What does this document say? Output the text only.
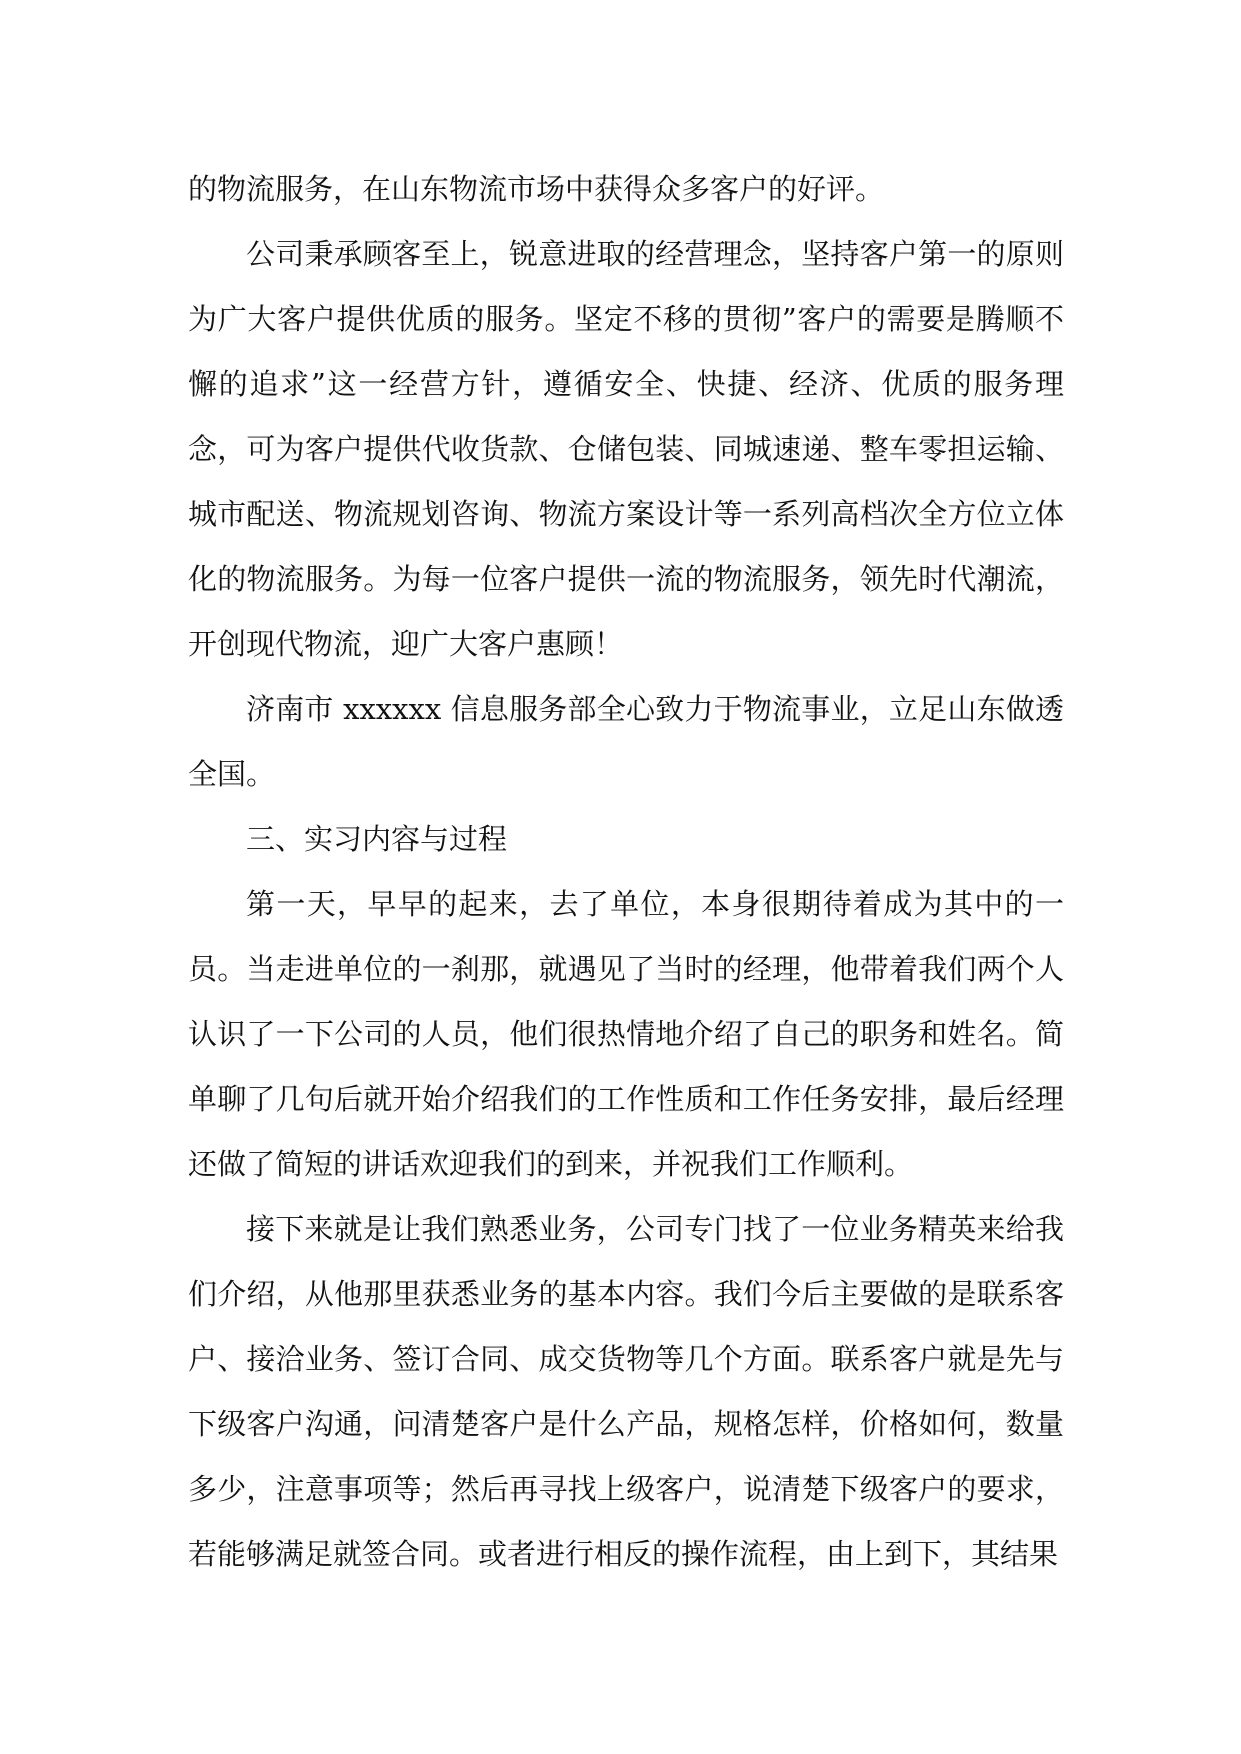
的物流服务，在山东物流市场中获得众多客户的好评。

公司秉承顾客至上，锐意进取的经营理念，坚持客户第一的原则为广大客户提供优质的服务。坚定不移的贯彻”客户的需要是腾顺不懈的追求”这一经营方针，遵循安全、快捷、经济、优质的服务理念，可为客户提供代收货款、仓储包装、同城速递、整车零担运输、城市配送、物流规划咨询、物流方案设计等一系列高档次全方位立体化的物流服务。为每一位客户提供一流的物流服务，领先时代潮流，开创现代物流，迎广大客户惠顾！

济南市 xxxxxx 信息服务部全心致力于物流事业，立足山东做透全国。

三、实习内容与过程

第一天，早早的起来，去了单位，本身很期待着成为其中的一员。当走进单位的一刹那，就遇见了当时的经理，他带着我们两个人认识了一下公司的人员，他们很热情地介绍了自己的职务和姓名。简单聊了几句后就开始介绍我们的工作性质和工作任务安排，最后经理还做了简短的讲话欢迎我们的到来，并祝我们工作顺利。

接下来就是让我们熟悉业务，公司专门找了一位业务精英来给我们介绍，从他那里获悉业务的基本内容。我们今后主要做的是联系客户、接洽业务、签订合同、成交货物等几个方面。联系客户就是先与下级客户沟通，问清楚客户是什么产品，规格怎样，价格如何，数量多少，注意事项等；然后再寻找上级客户，说清楚下级客户的要求，若能够满足就签合同。或者进行相反的操作流程，由上到下，其结果
